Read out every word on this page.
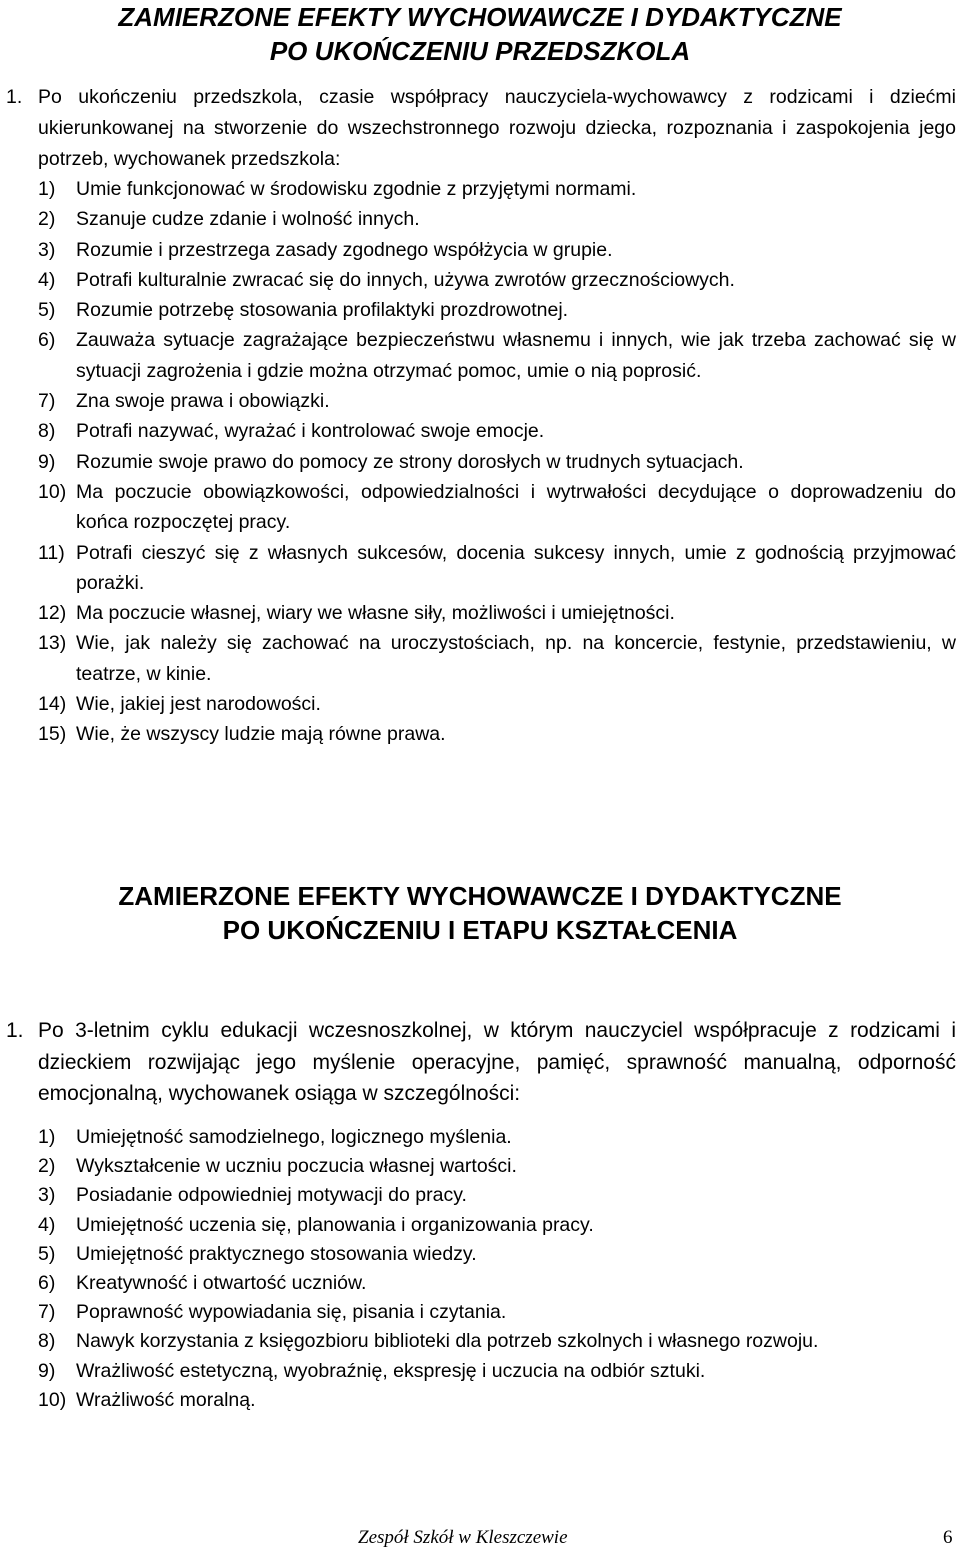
ZAMIERZONE EFEKTY WYCHOWAWCZE I DYDAKTYCZNE
PO UKOŃCZENIU PRZEDSZKOLA
1. Po ukończeniu przedszkola, czasie współpracy nauczyciela-wychowawcy z rodzicami i dziećmi ukierunkowanej na stworzenie do wszechstronnego rozwoju dziecka, rozpoznania i zaspokojenia jego potrzeb, wychowanek przedszkola:
1) Umie funkcjonować w środowisku zgodnie z przyjętymi normami.
2) Szanuje cudze zdanie i wolność innych.
3) Rozumie i przestrzega zasady zgodnego współżycia w grupie.
4) Potrafi kulturalnie zwracać się do innych, używa zwrotów grzecznościowych.
5) Rozumie potrzebę stosowania profilaktyki prozdrowotnej.
6) Zauważa sytuacje zagrażające bezpieczeństwu własnemu i innych, wie jak trzeba zachować się w sytuacji zagrożenia i gdzie można otrzymać pomoc, umie o nią poprosić.
7) Zna swoje prawa i obowiązki.
8) Potrafi nazywać, wyrażać i kontrolować swoje emocje.
9) Rozumie swoje prawo do pomocy ze strony dorosłych w trudnych sytuacjach.
10) Ma poczucie obowiązkowości, odpowiedzialności i wytrwałości decydujące o doprowadzeniu do końca rozpoczętej pracy.
11) Potrafi cieszyć się z własnych sukcesów, docenia sukcesy innych, umie z godnością przyjmować porażki.
12) Ma poczucie własnej, wiary we własne siły, możliwości i umiejętności.
13) Wie, jak należy się zachować na uroczystościach, np. na koncercie, festynie, przedstawieniu, w teatrze, w kinie.
14) Wie, jakiej jest narodowości.
15) Wie, że wszyscy ludzie mają równe prawa.
ZAMIERZONE EFEKTY WYCHOWAWCZE I DYDAKTYCZNE
PO UKOŃCZENIU I ETAPU KSZTAŁCENIA
1. Po 3-letnim cyklu edukacji wczesnoszkolnej, w którym nauczyciel współpracuje z rodzicami i dzieckiem rozwijając jego myślenie operacyjne, pamięć, sprawność manualną, odporność emocjonalną, wychowanek osiąga w szczególności:
1) Umiejętność samodzielnego, logicznego myślenia.
2) Wykształcenie w uczniu poczucia własnej wartości.
3) Posiadanie odpowiedniej motywacji do pracy.
4) Umiejętność uczenia się, planowania i organizowania pracy.
5) Umiejętność praktycznego stosowania wiedzy.
6) Kreatywność i otwartość uczniów.
7) Poprawność wypowiadania się, pisania i czytania.
8) Nawyk korzystania z księgozbioru biblioteki dla potrzeb szkolnych i własnego rozwoju.
9) Wrażliwość estetyczną, wyobraźnię, ekspresję i uczucia na odbiór sztuki.
10) Wrażliwość moralną.
Zespół Szkół w Kleszczewie	6
